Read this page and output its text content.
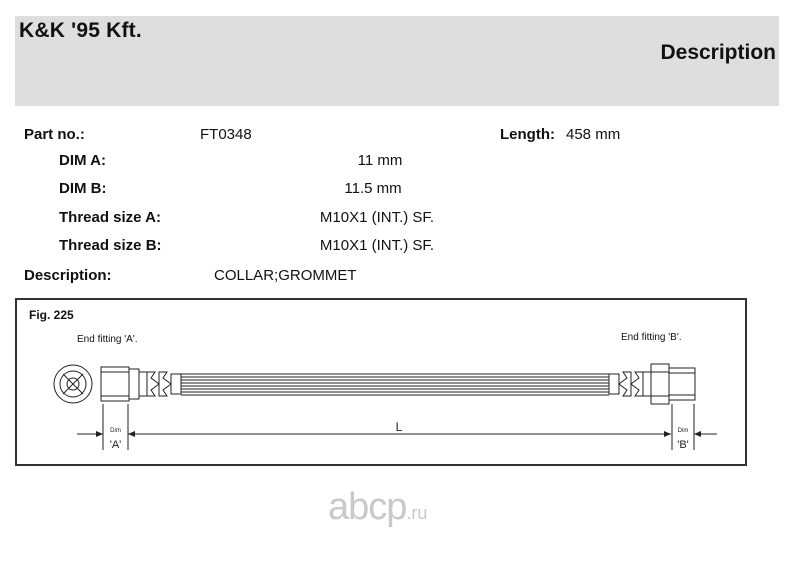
K&K '95 Kft.
Description
Part no.:	FT0348	Length: 458 mm
DIM A:	11 mm
DIM B:	11.5 mm
Thread size A:	M10X1 (INT.) SF.
Thread size B:	M10X1 (INT.) SF.
Description:	COLLAR;GROMMET
Fig. 225
End fitting 'A'.	End fitting 'B'.
Dim
'A'
Dim
'B'
L
abcp.ru
